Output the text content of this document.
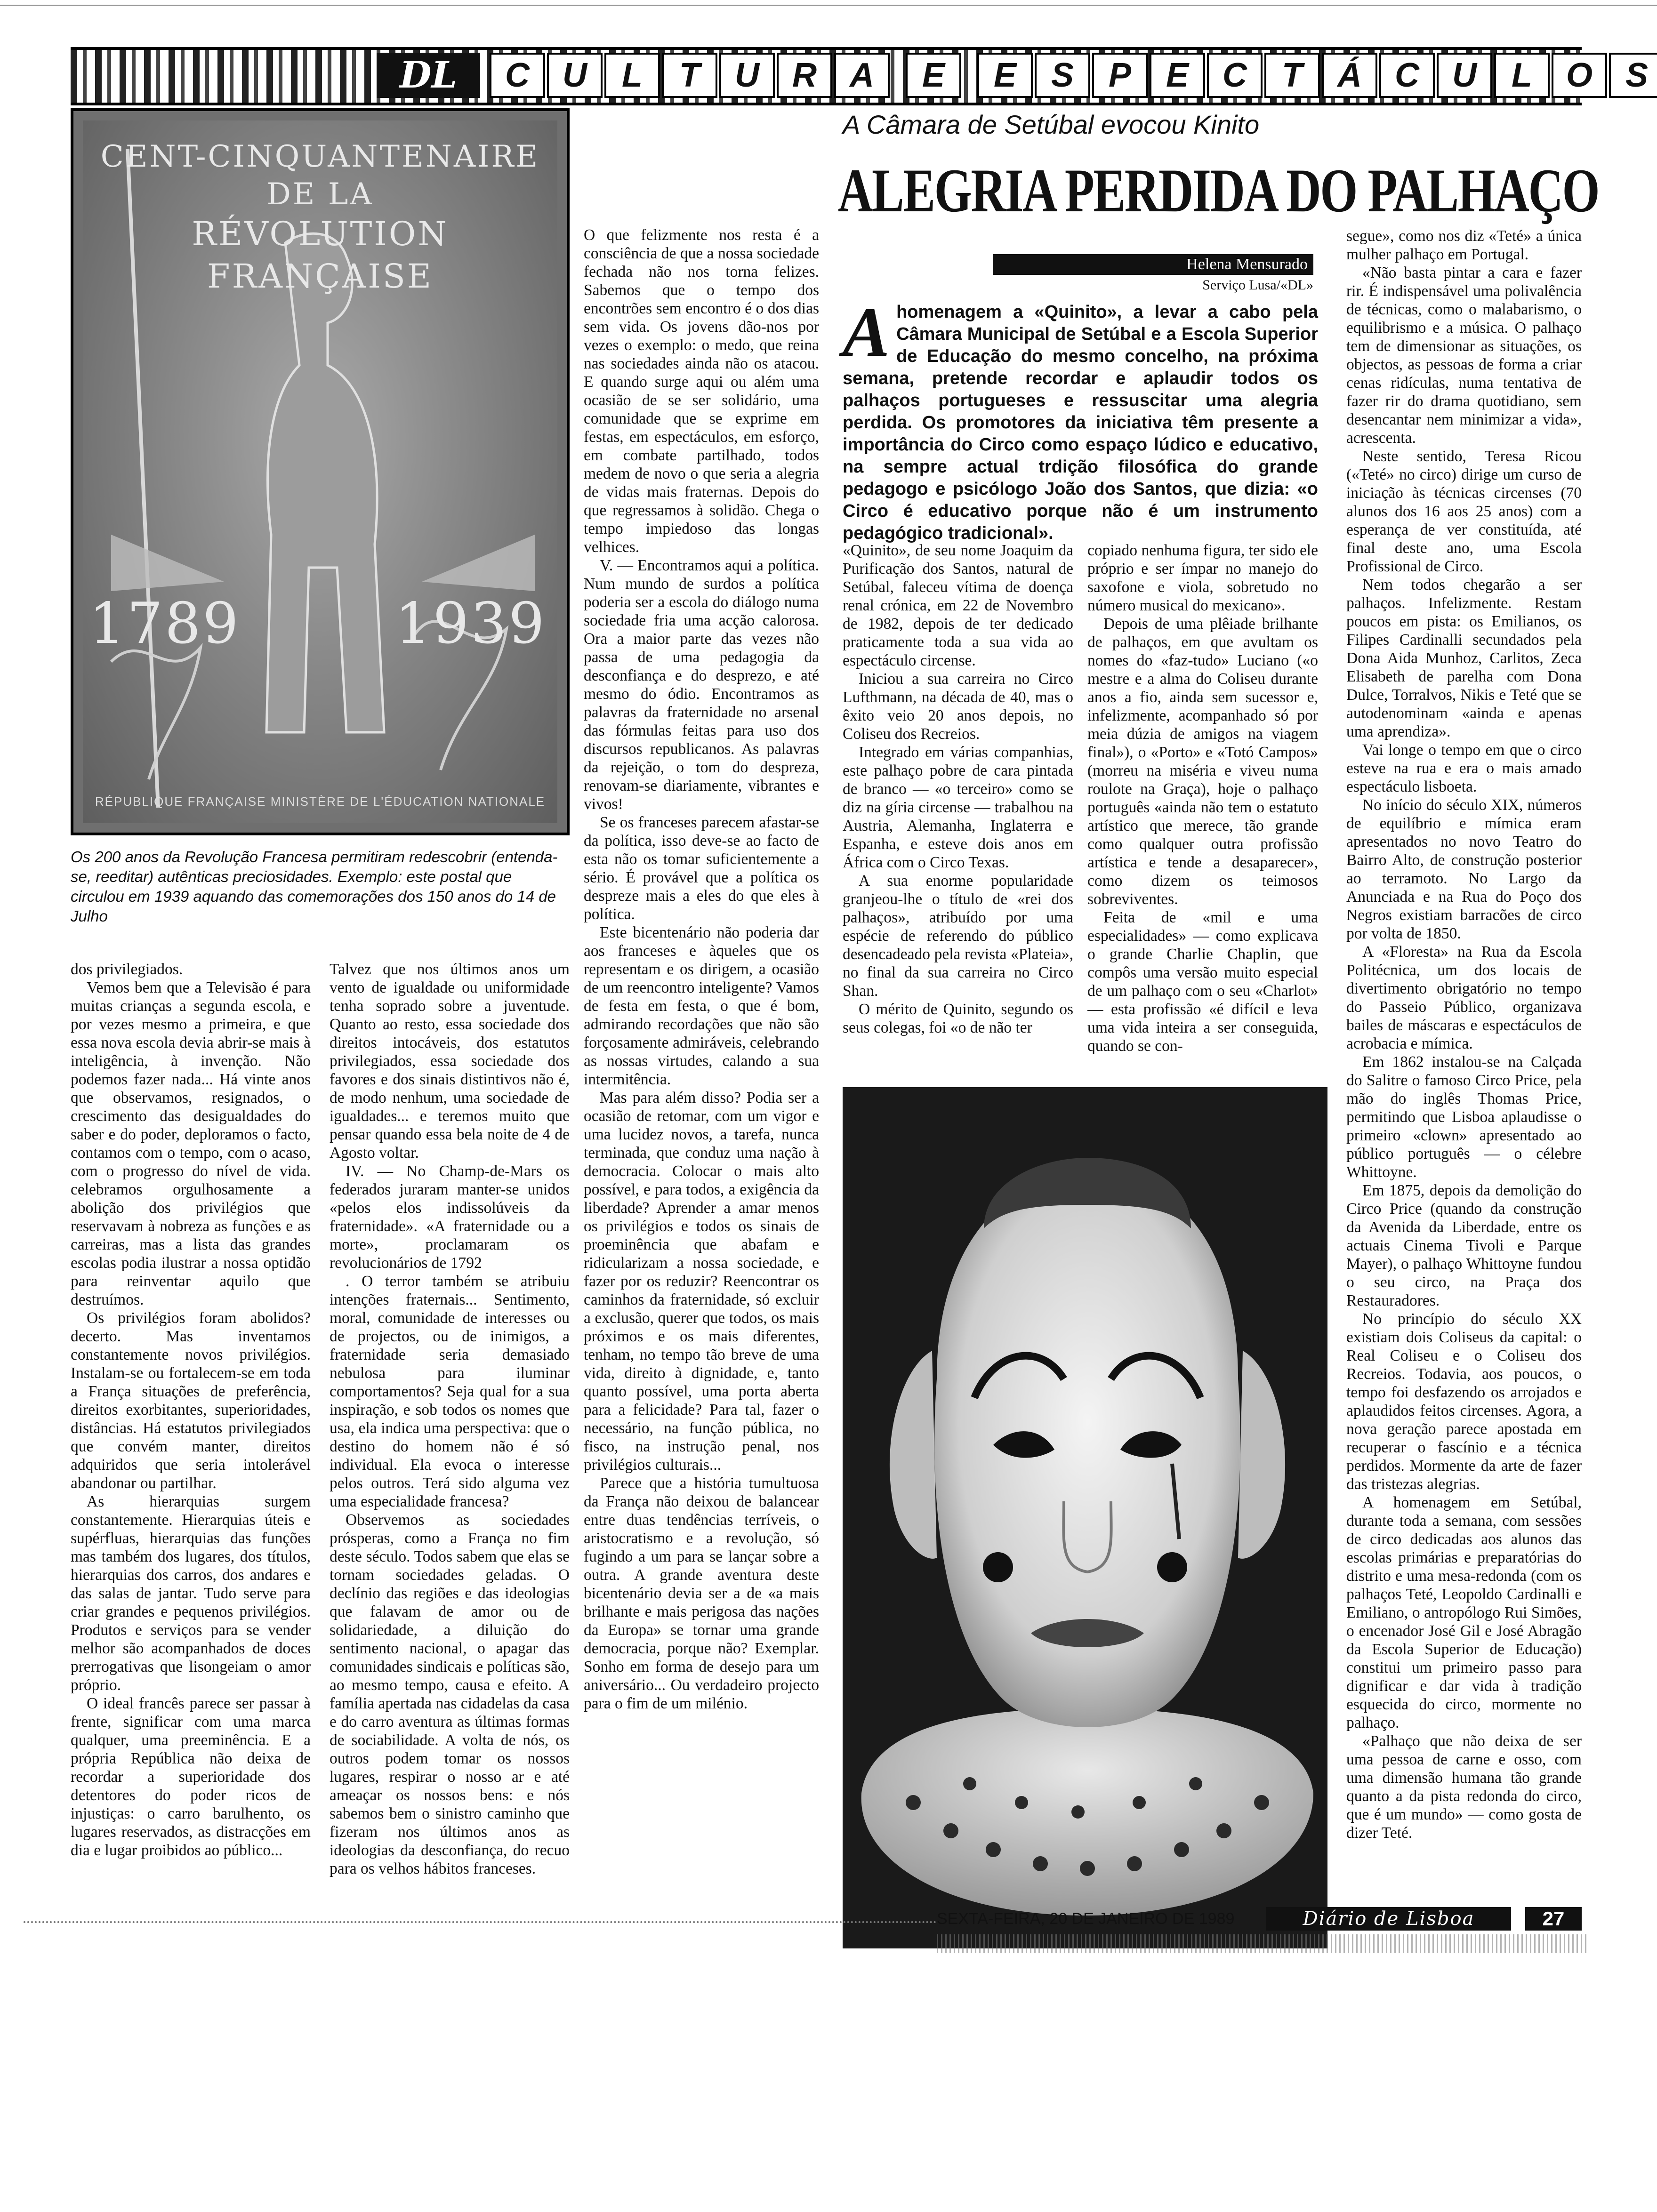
DL	C U	L	T	U R A	E	E	S	P	E C	T	Á C U	L	O S
CENT-CINQUANTENAIRE
DE LA
RÉVOLUTION
FRANÇAISE
1789	1939
RÉPUBLIQUE FRANÇAISE MINISTÈRE DE L'ÉDUCATION NATIONALE
Os 200 anos da Revolução Francesa permitiram redescobrir (entenda-se, reeditar) autênticas preciosidades. Exemplo: este postal que circulou em 1939 aquando das comemorações dos 150 anos do 14 de Julho

O que felizmente nos resta é a consciência de que a nossa sociedade fechada não nos torna felizes. Sabemos que o tempo dos encontrões sem encontro é o dos dias sem vida. Os jovens dão-nos por vezes o exemplo: o medo, que reina nas sociedades ainda não os atacou. E quando surge aqui ou além uma ocasião de se ser solidário, uma comunidade que se exprime em festas, em espectáculos, em esforço, em combate partilhado, todos medem de novo o que seria a alegria de vidas mais fraternas. Depois do que regressamos à solidão. Chega o tempo impiedoso das longas velhices.

V. — Encontramos aqui a política. Num mundo de surdos a política poderia ser a escola do diálogo numa sociedade fria uma acção calorosa. Ora a maior parte das vezes não passa de uma pedagogia da desconfiança e do desprezo, e até mesmo do ódio. Encontramos as palavras da fraternidade no arsenal das fórmulas feitas para uso dos discursos republicanos. As palavras da rejeição, o tom do despreza, renovam-se diariamente, vibrantes e vivos!

Se os franceses parecem afastar-se da política, isso deve-se ao facto de esta não os tomar suficientemente a sério. É provável que a política os despreze mais a eles do que eles à política.

Este bicentenário não poderia dar aos franceses e àqueles que os representam e os dirigem, a ocasião de um reencontro inteligente? Vamos de festa em festa, o que é bom, admirando recordações que não são forçosamente admiráveis, celebrando as nossas virtudes, calando a sua intermitência.

Mas para além disso? Podia ser a ocasião de retomar, com um vigor e uma lucidez novos, a tarefa, nunca terminada, que conduz uma nação à democracia. Colocar o mais alto possível, e para todos, a exigência da liberdade? Aprender a amar menos os privilégios e todos os sinais de proeminência que abafam e ridicularizam a nossa sociedade, e fazer por os reduzir? Reencontrar os caminhos da fraternidade, só excluir a exclusão, querer que todos, os mais próximos e os mais diferentes, tenham, no tempo tão breve de uma vida, direito à dignidade, e, tanto quanto possível, uma porta aberta para a felicidade? Para tal, fazer o necessário, na função pública, no fisco, na instrução penal, nos privilégios culturais...

Parece que a história tumultuosa da França não deixou de balancear entre duas tendências terríveis, o aristocratismo e a revolução, só fugindo a um para se lançar sobre a outra. A grande aventura deste bicentenário devia ser a de «a mais brilhante e mais perigosa das nações da Europa» se tornar uma grande democracia, porque não? Exemplar. Sonho em forma de desejo para um aniversário... Ou verdadeiro projecto para o fim de um milénio.

dos privilegiados.

Vemos bem que a Televisão é para muitas crianças a segunda escola, e por vezes mesmo a primeira, e que essa nova escola devia abrir-se mais à inteligência, à invenção. Não podemos fazer nada... Há vinte anos que observamos, resignados, o crescimento das desigualdades do saber e do poder, deploramos o facto, contamos com o tempo, com o acaso, com o progresso do nível de vida. celebramos orgulhosamente a abolição dos privilégios que reservavam à nobreza as funções e as carreiras, mas a lista das grandes escolas podia ilustrar a nossa optidão para reinventar aquilo que destruímos.

Os privilégios foram abolidos? decerto. Mas inventamos constantemente novos privilégios. Instalam-se ou fortalecem-se em toda a França situações de preferência, direitos exorbitantes, superioridades, distâncias. Há estatutos privilegiados que convém manter, direitos adquiridos que seria intolerável abandonar ou partilhar.

As hierarquias surgem constantemente. Hierarquias úteis e supérfluas, hierarquias das funções mas também dos lugares, dos títulos, hierarquias dos carros, dos andares e das salas de jantar. Tudo serve para criar grandes e pequenos privilégios. Produtos e serviços para se vender melhor são acompanhados de doces prerrogativas que lisongeiam o amor próprio.

O ideal francês parece ser passar à frente, significar com uma marca qualquer, uma preeminência. E a própria República não deixa de recordar a superioridade dos detentores do poder ricos de injustiças: o carro barulhento, os lugares reservados, as distracções em dia e lugar proibidos ao público...

Talvez que nos últimos anos um vento de igualdade ou uniformidade tenha soprado sobre a juventude. Quanto ao resto, essa sociedade dos direitos intocáveis, dos estatutos privilegiados, essa sociedade dos favores e dos sinais distintivos não é, de modo nenhum, uma sociedade de igualdades... e teremos muito que pensar quando essa bela noite de 4 de Agosto voltar.

IV. — No Champ-de-Mars os federados juraram manter-se unidos «pelos elos indissolúveis da fraternidade». «A fraternidade ou a morte», proclamaram os revolucionários de 1792

. O terror também se atribuiu intenções fraternais... Sentimento, moral, comunidade de interesses ou de projectos, ou de inimigos, a fraternidade seria demasiado nebulosa para iluminar comportamentos? Seja qual for a sua inspiração, e sob todos os nomes que usa, ela indica uma perspectiva: que o destino do homem não é só individual. Ela evoca o interesse pelos outros. Terá sido alguma vez uma especialidade francesa?

Observemos as sociedades prósperas, como a França no fim deste século. Todos sabem que elas se tornam sociedades geladas. O declínio das regiões e das ideologias que falavam de amor ou de solidariedade, a diluição do sentimento nacional, o apagar das comunidades sindicais e políticas são, ao mesmo tempo, causa e efeito. A família apertada nas cidadelas da casa e do carro aventura as últimas formas de sociabilidade. A volta de nós, os outros podem tomar os nossos lugares, respirar o nosso ar e até ameaçar os nossos bens: e nós sabemos bem o sinistro caminho que fizeram nos últimos anos as ideologias da desconfiança, do recuo para os velhos hábitos franceses.

A Câmara de Setúbal evocou Kinito
ALEGRIA PERDIDA DO PALHAÇO
Helena Mensurado
Serviço Lusa/«DL»
Ahomenagem a «Quinito», a levar a cabo pela Câmara Municipal de Setúbal e a Escola Superior de Educação do mesmo concelho, na próxima semana, pretende recordar e aplaudir todos os palhaços portugueses e ressuscitar uma alegria perdida. Os promotores da iniciativa têm presente a importância do Circo como espaço lúdico e educativo, na sempre actual trdição filosófica do grande pedagogo e psicólogo João dos Santos, que dizia: «o Circo é educativo porque não é um instrumento pedagógico tradicional».

«Quinito», de seu nome Joaquim da Purificação dos Santos, natural de Setúbal, faleceu vítima de doença renal crónica, em 22 de Novembro de 1982, depois de ter dedicado praticamente toda a sua vida ao espectáculo circense.

Iniciou a sua carreira no Circo Lufthmann, na década de 40, mas o êxito veio 20 anos depois, no Coliseu dos Recreios.

Integrado em várias companhias, este palhaço pobre de cara pintada de branco — «o terceiro» como se diz na gíria circense — trabalhou na Austria, Alemanha, Inglaterra e Espanha, e esteve dois anos em África com o Circo Texas.

A sua enorme popularidade granjeou-lhe o título de «rei dos palhaços», atribuído por uma espécie de referendo do público desencadeado pela revista «Plateia», no final da sua carreira no Circo Shan.

O mérito de Quinito, segundo os seus colegas, foi «o de não ter

copiado nenhuma figura, ter sido ele próprio e ser ímpar no manejo do saxofone e viola, sobretudo no número musical do mexicano».

Depois de uma plêiade brilhante de palhaços, em que avultam os nomes do «faz-tudo» Luciano («o mestre e a alma do Coliseu durante anos a fio, ainda sem sucessor e, infelizmente, acompanhado só por meia dúzia de amigos na viagem final»), o «Porto» e «Totó Campos» (morreu na miséria e viveu numa roulote na Graça), hoje o palhaço português «ainda não tem o estatuto artístico que merece, tão grande como qualquer outra profissão artística e tende a desaparecer», como dizem os teimosos sobreviventes.

Feita de «mil e uma especialidades» — como explicava o grande Charlie Chaplin, que compôs uma versão muito especial de um palhaço com o seu «Charlot» — esta profissão «é difícil e leva uma vida inteira a ser conseguida, quando se con-

segue», como nos diz «Teté» a única mulher palhaço em Portugal.

«Não basta pintar a cara e fazer rir. É indispensável uma polivalência de técnicas, como o malabarismo, o equilibrismo e a música. O palhaço tem de dimensionar as situações, os objectos, as pessoas de forma a criar cenas ridículas, numa tentativa de fazer rir do drama quotidiano, sem desencantar nem minimizar a vida», acrescenta.

Neste sentido, Teresa Ricou («Teté» no circo) dirige um curso de iniciação às técnicas circenses (70 alunos dos 16 aos 25 anos) com a esperança de ver constituída, até final deste ano, uma Escola Profissional de Circo.

Nem todos chegarão a ser palhaços. Infelizmente. Restam poucos em pista: os Emilianos, os Filipes Cardinalli secundados pela Dona Aida Munhoz, Carlitos, Zeca Elisabeth de parelha com Dona Dulce, Torralvos, Nikis e Teté que se autodenominam «ainda e apenas uma aprendiza».

Vai longe o tempo em que o circo esteve na rua e era o mais amado espectáculo lisboeta.

No início do século XIX, números de equilíbrio e mímica eram apresentados no novo Teatro do Bairro Alto, de construção posterior ao terramoto. No Largo da Anunciada e na Rua do Poço dos Negros existiam barracões de circo por volta de 1850.

A «Floresta» na Rua da Escola Politécnica, um dos locais de divertimento obrigatório no tempo do Passeio Público, organizava bailes de máscaras e espectáculos de acrobacia e mímica.

Em 1862 instalou-se na Calçada do Salitre o famoso Circo Price, pela mão do inglês Thomas Price, permitindo que Lisboa aplaudisse o primeiro «clown» apresentado ao público português — o célebre Whittoyne.

Em 1875, depois da demolição do Circo Price (quando da construção da Avenida da Liberdade, entre os actuais Cinema Tivoli e Parque Mayer), o palhaço Whittoyne fundou o seu circo, na Praça dos Restauradores.

No princípio do século XX existiam dois Coliseus da capital: o Real Coliseu e o Coliseu dos Recreios. Todavia, aos poucos, o tempo foi desfazendo os arrojados e aplaudidos feitos circenses. Agora, a nova geração parece apostada em recuperar o fascínio e a técnica perdidos. Mormente da arte de fazer das tristezas alegrias.

A homenagem em Setúbal, durante toda a semana, com sessões de circo dedicadas aos alunos das escolas primárias e preparatórias do distrito e uma mesa-redonda (com os palhaços Teté, Leopoldo Cardinalli e Emiliano, o antropólogo Rui Simões, o encenador José Gil e José Abragão da Escola Superior de Educação) constitui um primeiro passo para dignificar e dar vida à tradição esquecida do circo, mormente no palhaço.

«Palhaço que não deixa de ser uma pessoa de carne e osso, com uma dimensão humana tão grande quanto a da pista redonda do circo, que é um mundo» — como gosta de dizer Teté.

SEXTA-FEIRA, 20 DE JANEIRO DE 1989	Diário de Lisboa	27
